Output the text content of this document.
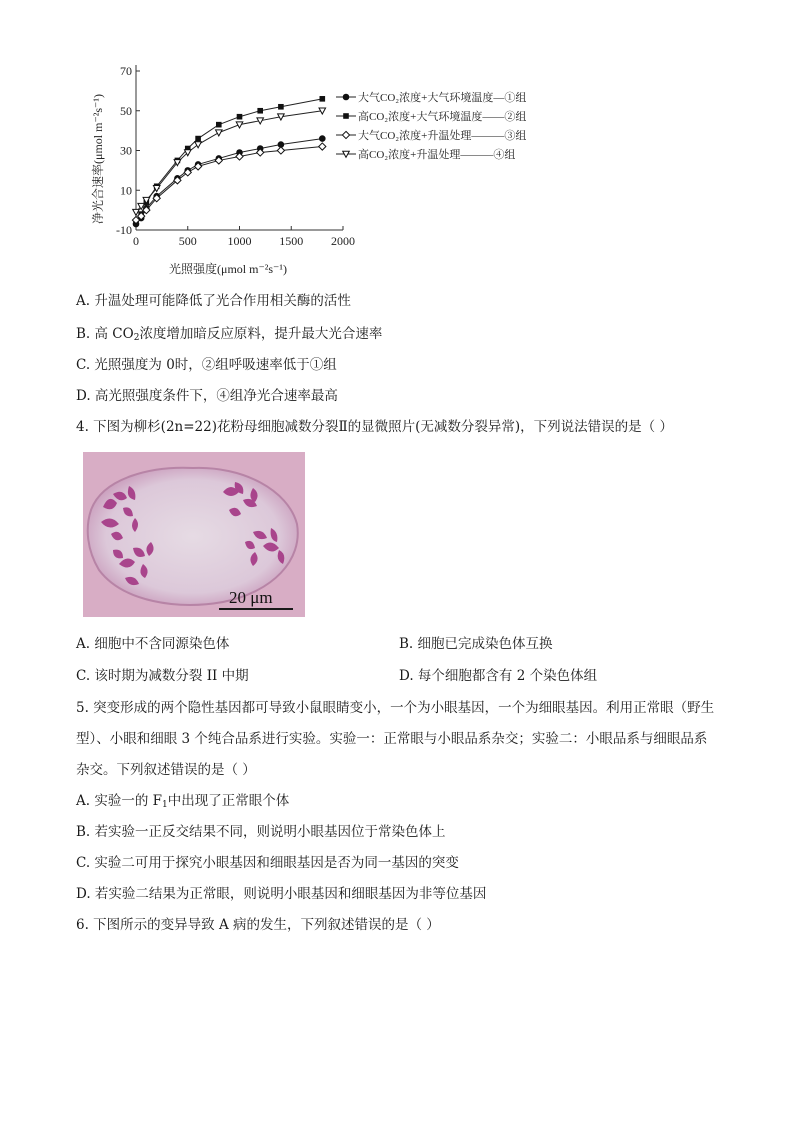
0	500	1000 1500 2000
-10
10
30
50
70
大气CO₂浓度+大气环境温度—①组
高CO₂浓度+大气环境温度——②组
大气CO₂浓度+升温处理———③组
高CO₂浓度+升温处理———④组
光照强度(μmol m⁻²s⁻¹)
净光合速率(μmol m⁻²s⁻¹)
A. 升温处理可能降低了光合作用相关酶的活性
B. 高 $CO_2$浓度增加暗反应原料，提升最大光合速率
C. 光照强度为 0时，②组呼吸速率低于①组
D. 高光照强度条件下，④组净光合速率最高
4. 下图为柳杉(2n=22)花粉母细胞减数分裂Ⅱ的显微照片(无减数分裂异常)，下列说法错误的是（ ）
20 μm
A. 细胞中不含同源染色体	B. 细胞已完成染色体互换
C. 该时期为减数分裂 II 中期	D. 每个细胞都含有 2 个染色体组
5. 突变形成的两个隐性基因都可导致小鼠眼睛变小，一个为小眼基因，一个为细眼基因。利用正常眼（野生型）、小眼和细眼 3 个纯合品系进行实验。实验一：正常眼与小眼品系杂交；实验二：小眼品系与细眼品系杂交。下列叙述错误的是（ ）
A. 实验一的 $F_1$中出现了正常眼个体
B. 若实验一正反交结果不同，则说明小眼基因位于常染色体上
C. 实验二可用于探究小眼基因和细眼基因是否为同一基因的突变
D. 若实验二结果为正常眼，则说明小眼基因和细眼基因为非等位基因
6. 下图所示的变异导致 A 病的发生，下列叙述错误的是（ ）
